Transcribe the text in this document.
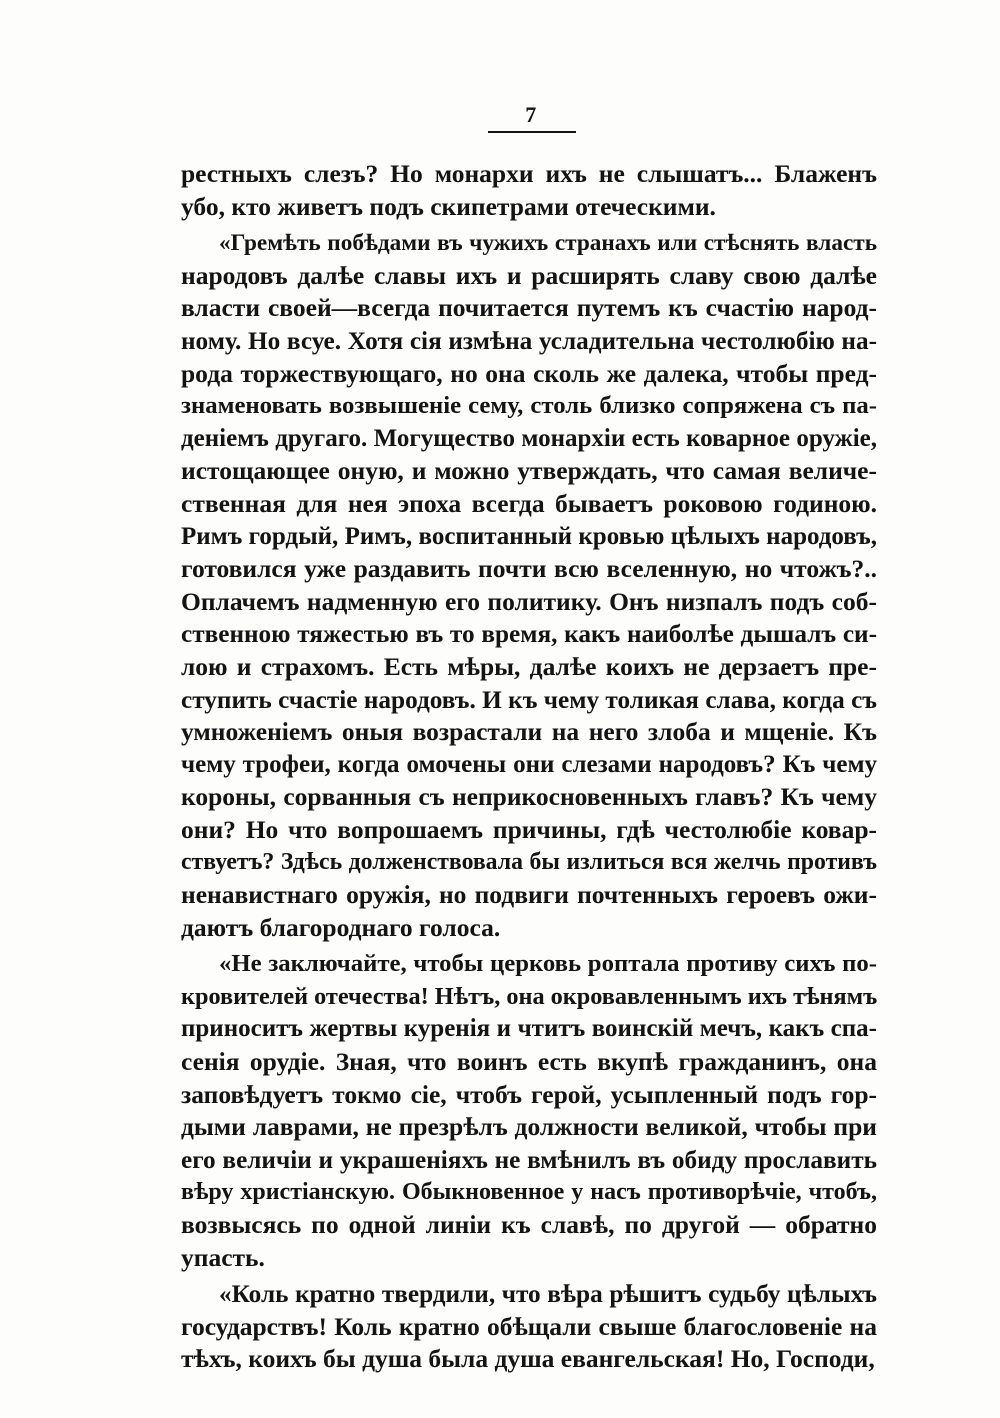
7
рестныхъ слезъ? Но монархи ихъ не слышатъ... Блаженъ
убо, кто живетъ подъ скипетрами отеческими.
«Гремѣть побѣдами въ чужихъ странахъ или стѣснять власть
народовъ далѣе славы ихъ и расширять славу свою далѣе
власти своей—всегда почитается путемъ къ счастію народ-
ному. Но всуе. Хотя сія измѣна усладительна честолюбію на-
рода торжествующаго, но она сколь же далека, чтобы пред-
знаменовать возвышеніе сему, столь близко сопряжена съ па-
деніемъ другаго. Могущество монархіи есть коварное оружіе,
истощающее оную, и можно утверждать, что самая величе-
ственная для нея эпоха всегда бываетъ роковою годиною.
Римъ гордый, Римъ, воспитанный кровью цѣлыхъ народовъ,
готовился уже раздавить почти всю вселенную, но чтожъ?..
Оплачемъ надменную его политику. Онъ низпалъ подъ соб-
ственною тяжестью въ то время, какъ наиболѣе дышалъ си-
лою и страхомъ. Есть мѣры, далѣе коихъ не дерзаетъ пре-
ступить счастіе народовъ. И къ чему толикая слава, когда съ
умноженіемъ оныя возрастали на него злоба и мщеніе. Къ
чему трофеи, когда омочены они слезами народовъ? Къ чему
короны, сорванныя съ неприкосновенныхъ главъ? Къ чему
они? Но что вопрошаемъ причины, гдѣ честолюбіе ковар-
ствуетъ? Здѣсь долженствовала бы излиться вся желчь противъ
ненавистнаго оружія, но подвиги почтенныхъ героевъ ожи-
даютъ благороднаго голоса.
«Не заключайте, чтобы церковь роптала противу сихъ по-
кровителей отечества! Нѣтъ, она окровавленнымъ ихъ тѣнямъ
приноситъ жертвы куренія и чтитъ воинскій мечъ, какъ спа-
сенія орудіе. Зная, что воинъ есть вкупѣ гражданинъ, она
заповѣдуетъ токмо сіе, чтобъ герой, усыпленный подъ гор-
дыми лаврами, не презрѣлъ должности великой, чтобы при
его величіи и украшеніяхъ не вмѣнилъ въ обиду прославить
вѣру христіанскую. Обыкновенное у насъ противорѣчіе, чтобъ,
возвысясь по одной линіи къ славѣ, по другой — обратно
упасть.
«Коль кратно твердили, что вѣра рѣшитъ судьбу цѣлыхъ
государствъ! Коль кратно обѣщали свыше благословеніе на
тѣхъ, коихъ бы душа была душа евангельская! Но, Господи,
